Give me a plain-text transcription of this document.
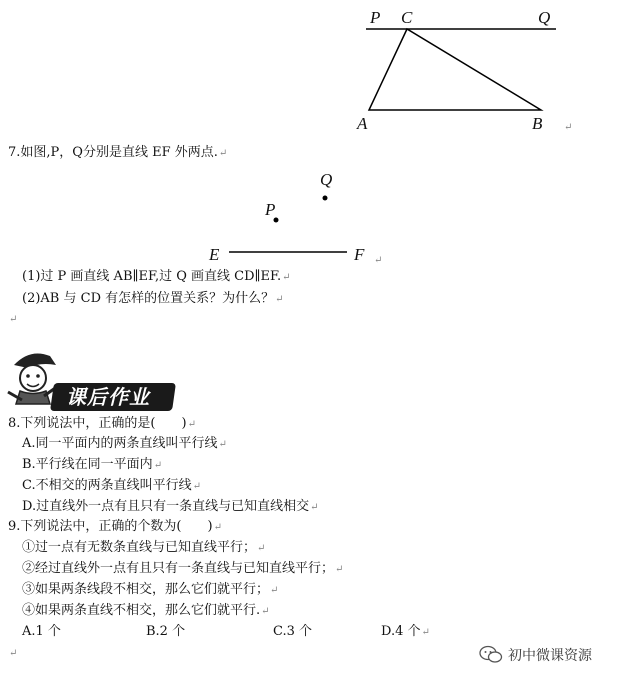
P C	Q
A	B ↵
7.如图,P，Q分别是直线 EF 外两点.↵
Q
P
E	F ↵
(1)过 P 画直线 AB∥EF,过 Q 画直线 CD∥EF.↵
(2)AB 与 CD 有怎样的位置关系？为什么？↵
↵
课后作业
8.下列说法中，正确的是(　　)↵
A.同一平面内的两条直线叫平行线↵
B.平行线在同一平面内↵
C.不相交的两条直线叫平行线↵
D.过直线外一点有且只有一条直线与已知直线相交↵
9.下列说法中，正确的个数为(　　)↵
①过一点有无数条直线与已知直线平行；↵
②经过直线外一点有且只有一条直线与已知直线平行；↵
③如果两条线段不相交，那么它们就平行；↵
④如果两条直线不相交，那么它们就平行.↵
A.1 个	B.2 个	C.3 个	D.4 个↵
↵	初中微课资源
